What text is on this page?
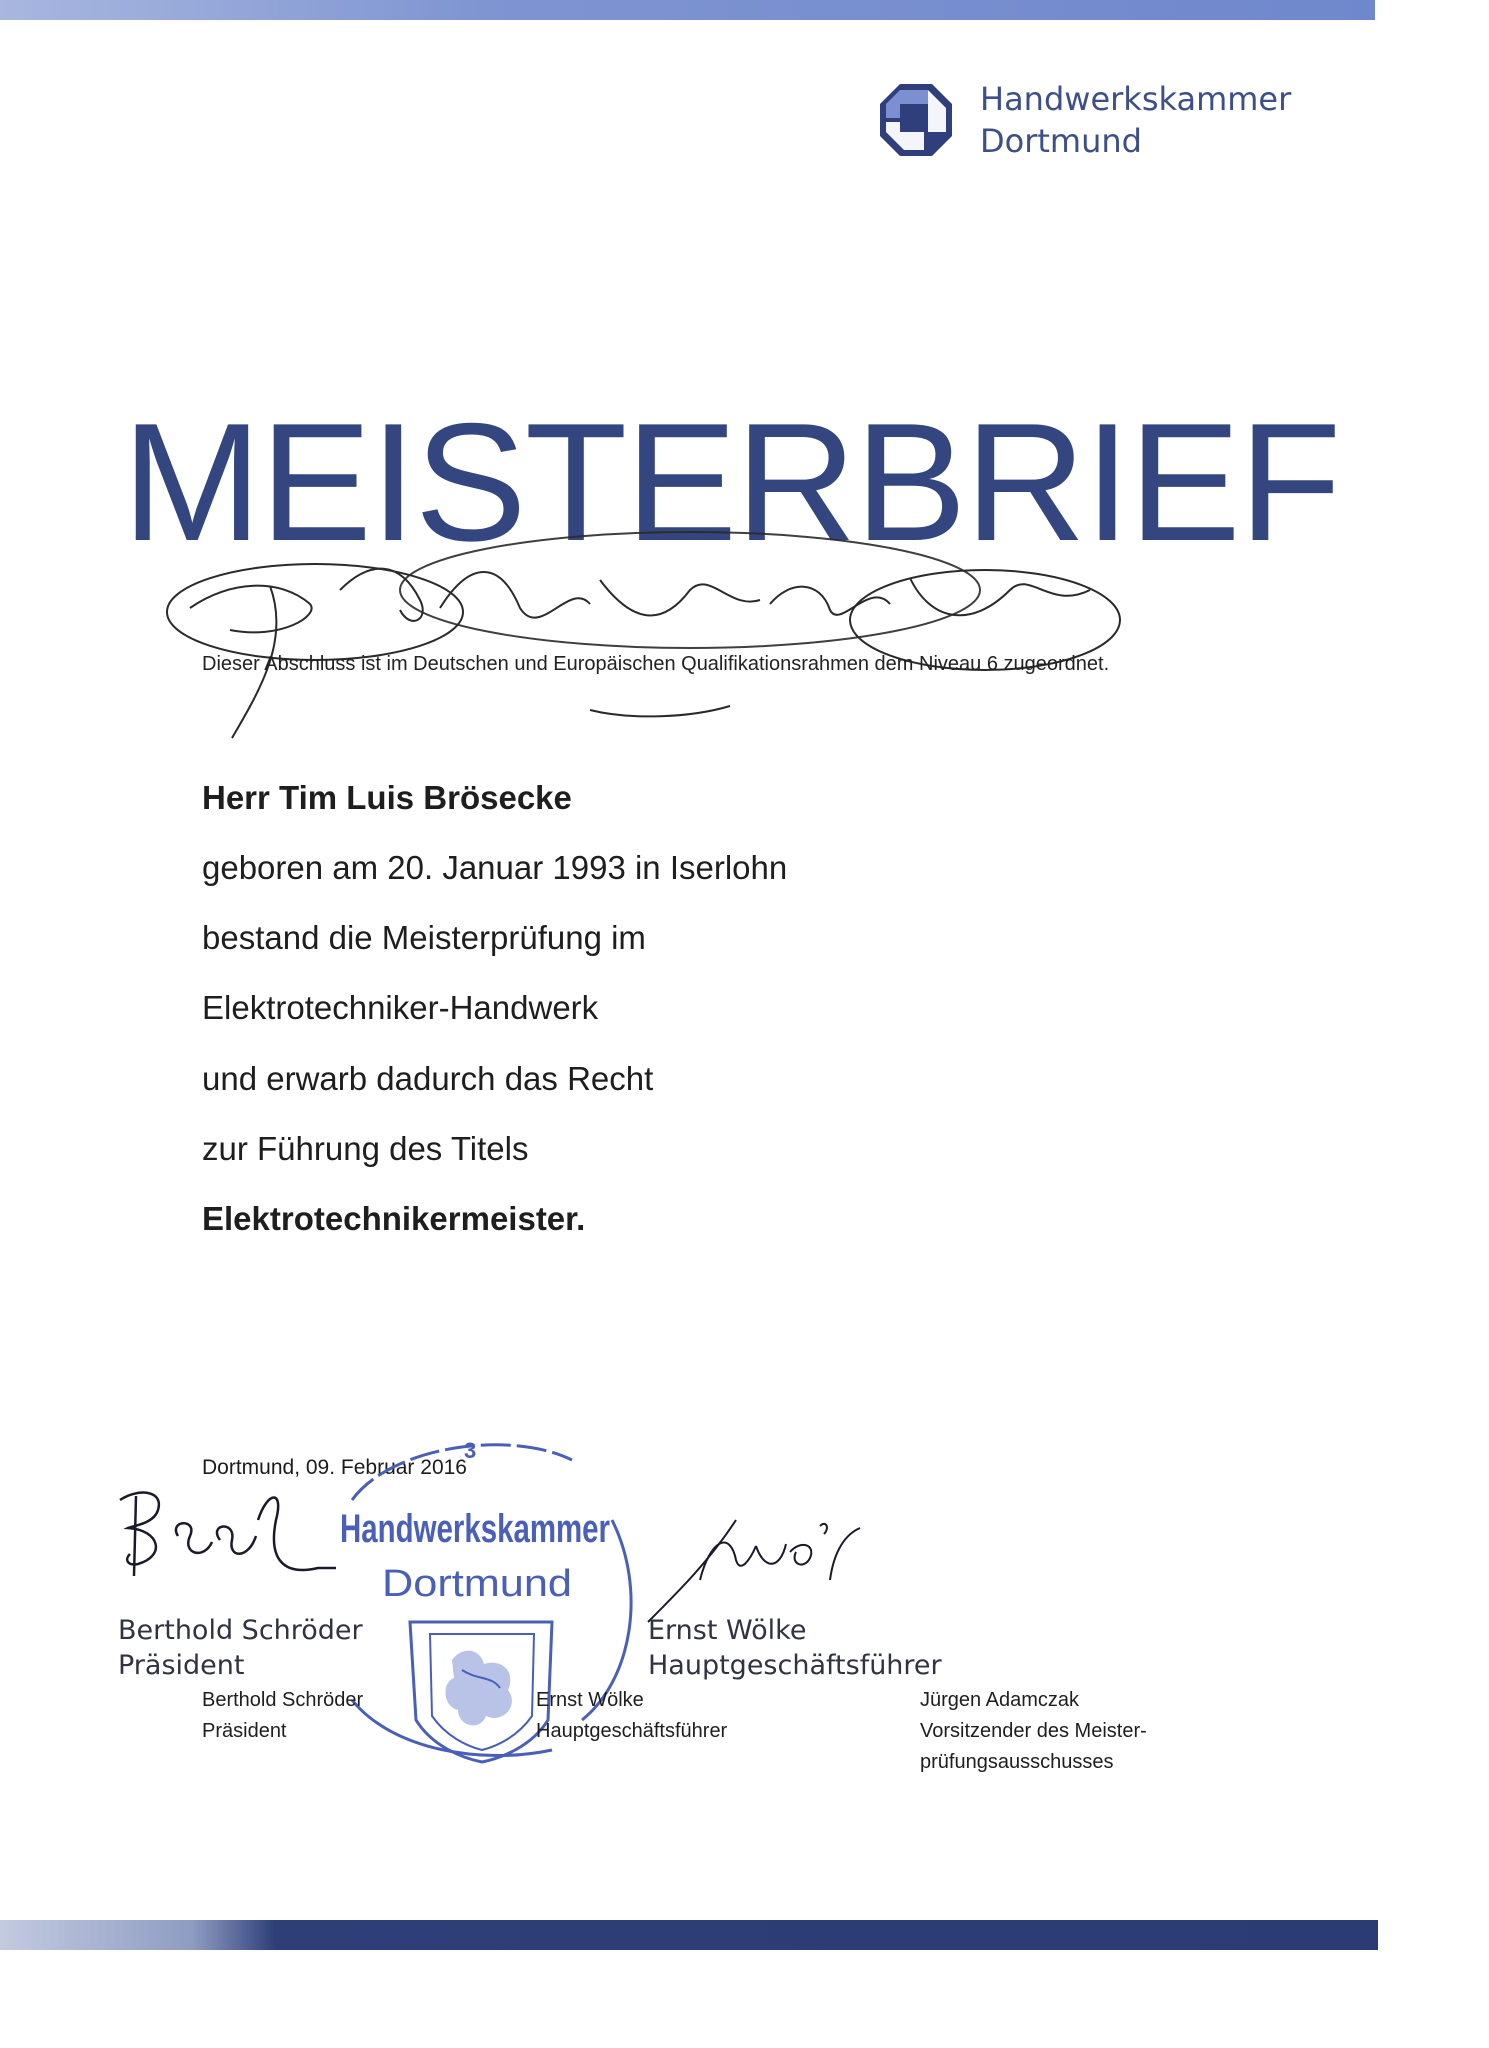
Handwerkskammer
Dortmund
MEISTERBRIEF
Dieser Abschluss ist im Deutschen und Europäischen Qualifikationsrahmen dem Niveau 6 zugeordnet.
Herr Tim Luis Brösecke
geboren am 20. Januar 1993 in Iserlohn
bestand die Meisterprüfung im
Elektrotechniker-Handwerk
und erwarb dadurch das Recht
zur Führung des Titels
Elektrotechnikermeister.
Dortmund, 09. Februar 2016
3
Handwerkskammer
Dortmund
Berthold Schröder
Präsident
Ernst Wölke
Hauptgeschäftsführer
Berthold Schröder
Präsident
Ernst Wölke
Hauptgeschäftsführer
Jürgen Adamczak
Vorsitzender des Meister-
prüfungsausschusses
